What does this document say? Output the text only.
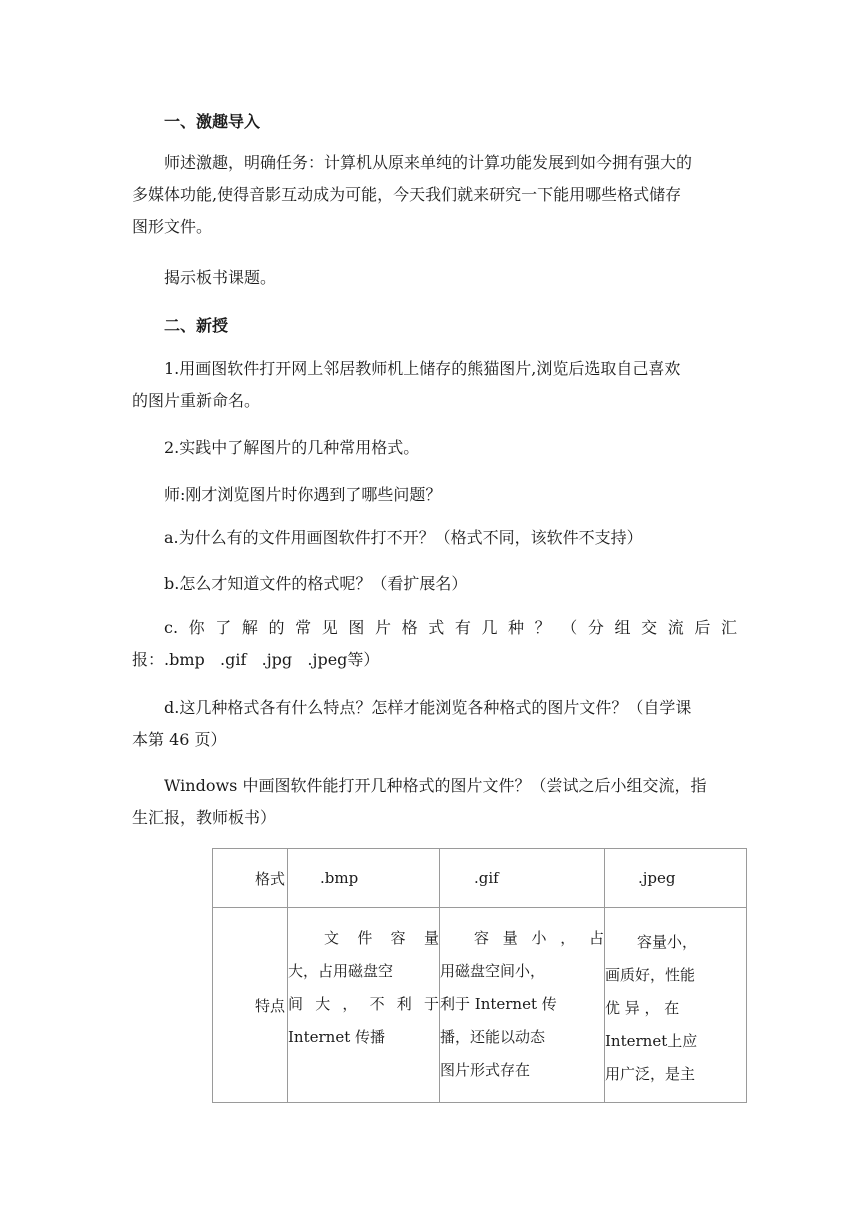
一、激趣导入

师述激趣，明确任务：计算机从原来单纯的计算功能发展到如今拥有强大的
多媒体功能,使得音影互动成为可能，今天我们就来研究一下能用哪些格式储存
图形文件。

揭示板书课题。

二、新授

1.用画图软件打开网上邻居教师机上储存的熊猫图片,浏览后选取自己喜欢
的图片重新命名。

2.实践中了解图片的几种常用格式。

师:刚才浏览图片时你遇到了哪些问题？

a.为什么有的文件用画图软件打不开？（格式不同，该软件不支持）

b.怎么才知道文件的格式呢？（看扩展名）

c.你了解的常见图片格式有几种？（分组交流后汇
报：.bmp   .gif   .jpg   .jpeg等）

d.这几种格式各有什么特点？怎样才能浏览各种格式的图片文件？（自学课
本第 46 页）

Windows 中画图软件能打开几种格式的图片文件？（尝试之后小组交流，指
生汇报，教师板书）

格式	.bmp	.gif	.jpeg
特点	文件容量
大，占用磁盘空
间大，不利于
Internet 传播	容量小，占
用磁盘空间小，
利于 Internet 传
播，还能以动态
图片形式存在	容量小，
画质好，性能
优 异 ， 在
Internet上应
用广泛，是主
